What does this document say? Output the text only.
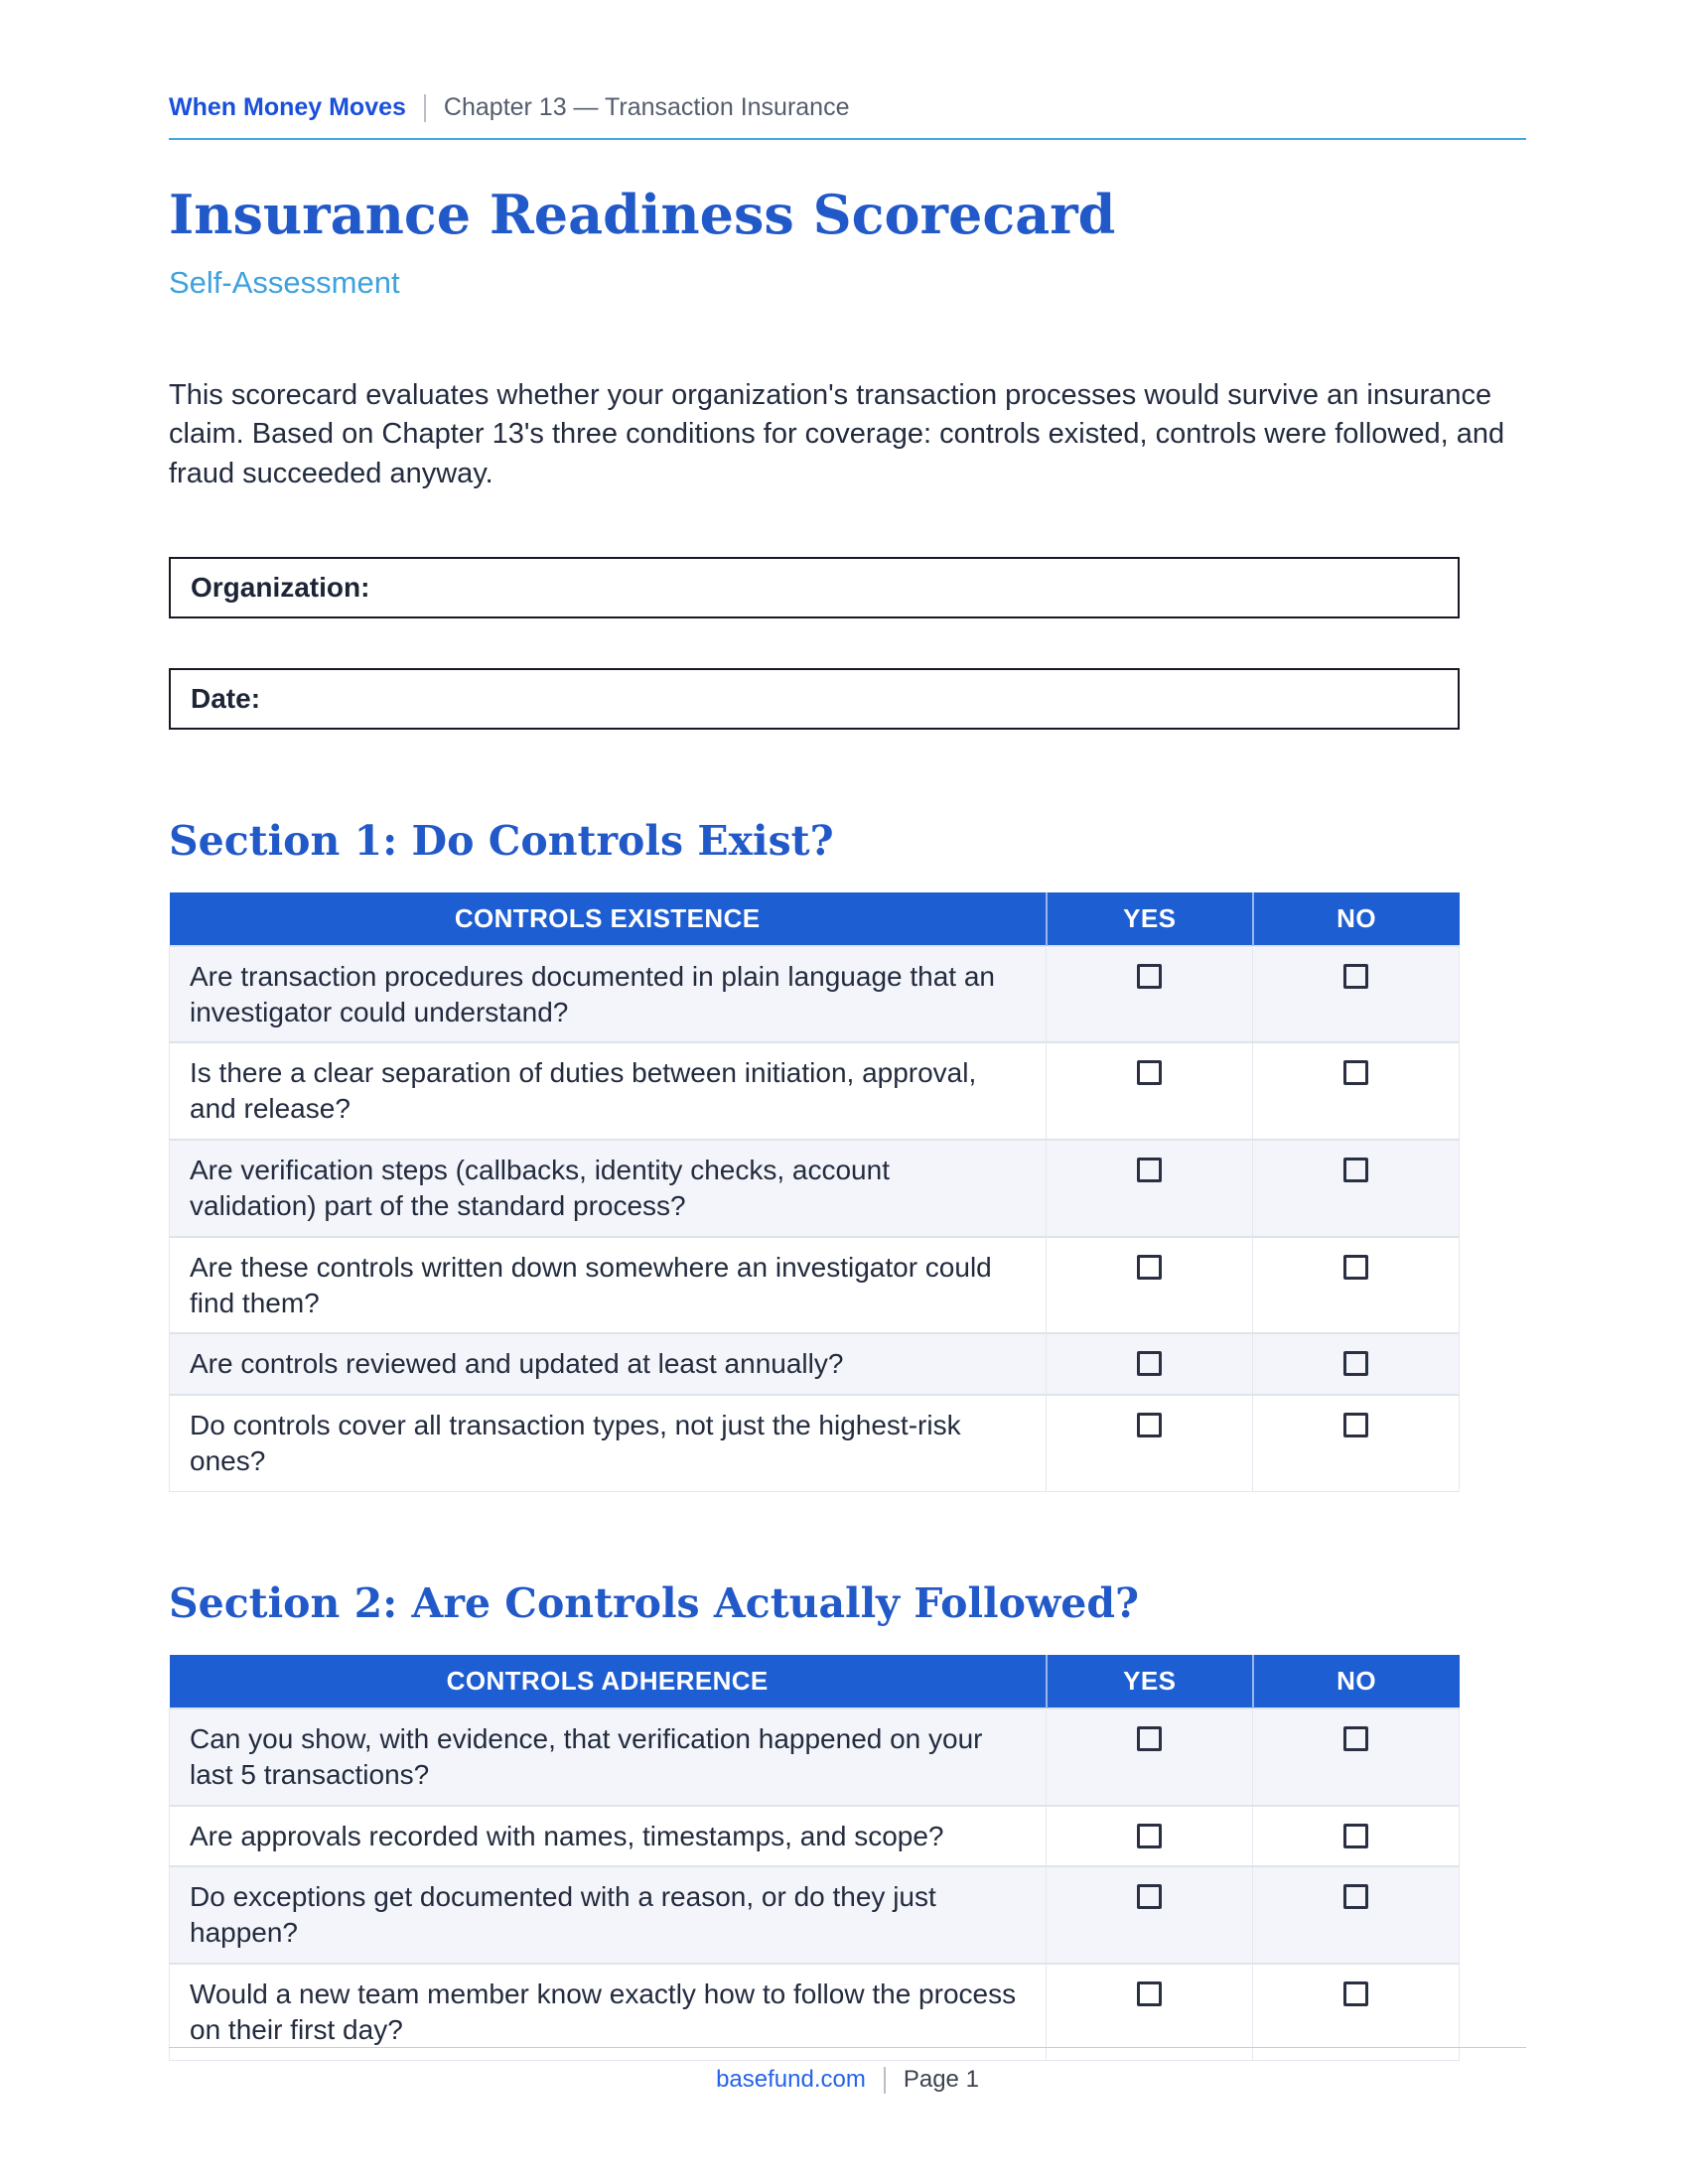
When Money Moves Chapter 13 — Transaction Insurance
Insurance Readiness Scorecard
Self-Assessment

This scorecard evaluates whether your organization's transaction processes would survive an insurance claim. Based on Chapter 13's three conditions for coverage: controls existed, controls were followed, and fraud succeeded anyway.

Organization:
Date:
Section 1: Do Controls Exist?
CONTROLS EXISTENCE	YES	NO
Are transaction procedures documented in plain language that an investigator could understand?		
Is there a clear separation of duties between initiation, approval, and release?		
Are verification steps (callbacks, identity checks, account validation) part of the standard process?		
Are these controls written down somewhere an investigator could find them?		
Are controls reviewed and updated at least annually?		
Do controls cover all transaction types, not just the highest-risk ones?		
Section 2: Are Controls Actually Followed?
CONTROLS ADHERENCE	YES	NO
Can you show, with evidence, that verification happened on your last 5 transactions?		
Are approvals recorded with names, timestamps, and scope?		
Do exceptions get documented with a reason, or do they just happen?		
Would a new team member know exactly how to follow the process on their first day?		
basefund.com Page 1
